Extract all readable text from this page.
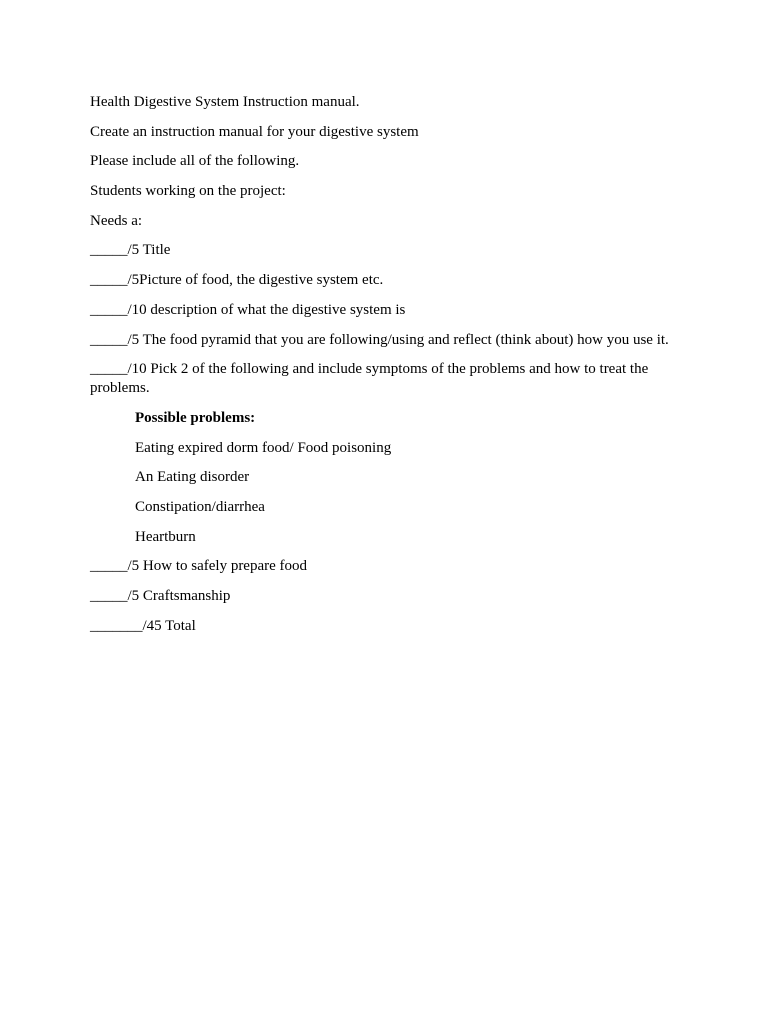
Health Digestive System Instruction manual.
Create an instruction manual for your digestive system
Please include all of the following.
Students working on the project:
Needs a:
_____/5 Title
_____/5Picture of food, the digestive system etc.
_____/10 description of what the digestive system is
_____/5 The food pyramid that you are following/using and reflect (think about) how you use it.
_____/10 Pick 2 of the following and include symptoms of the problems and how to treat the problems.
Possible problems:
Eating expired dorm food/ Food poisoning
An Eating disorder
Constipation/diarrhea
Heartburn
_____/5 How to safely prepare food
_____/5 Craftsmanship
_______/45 Total
